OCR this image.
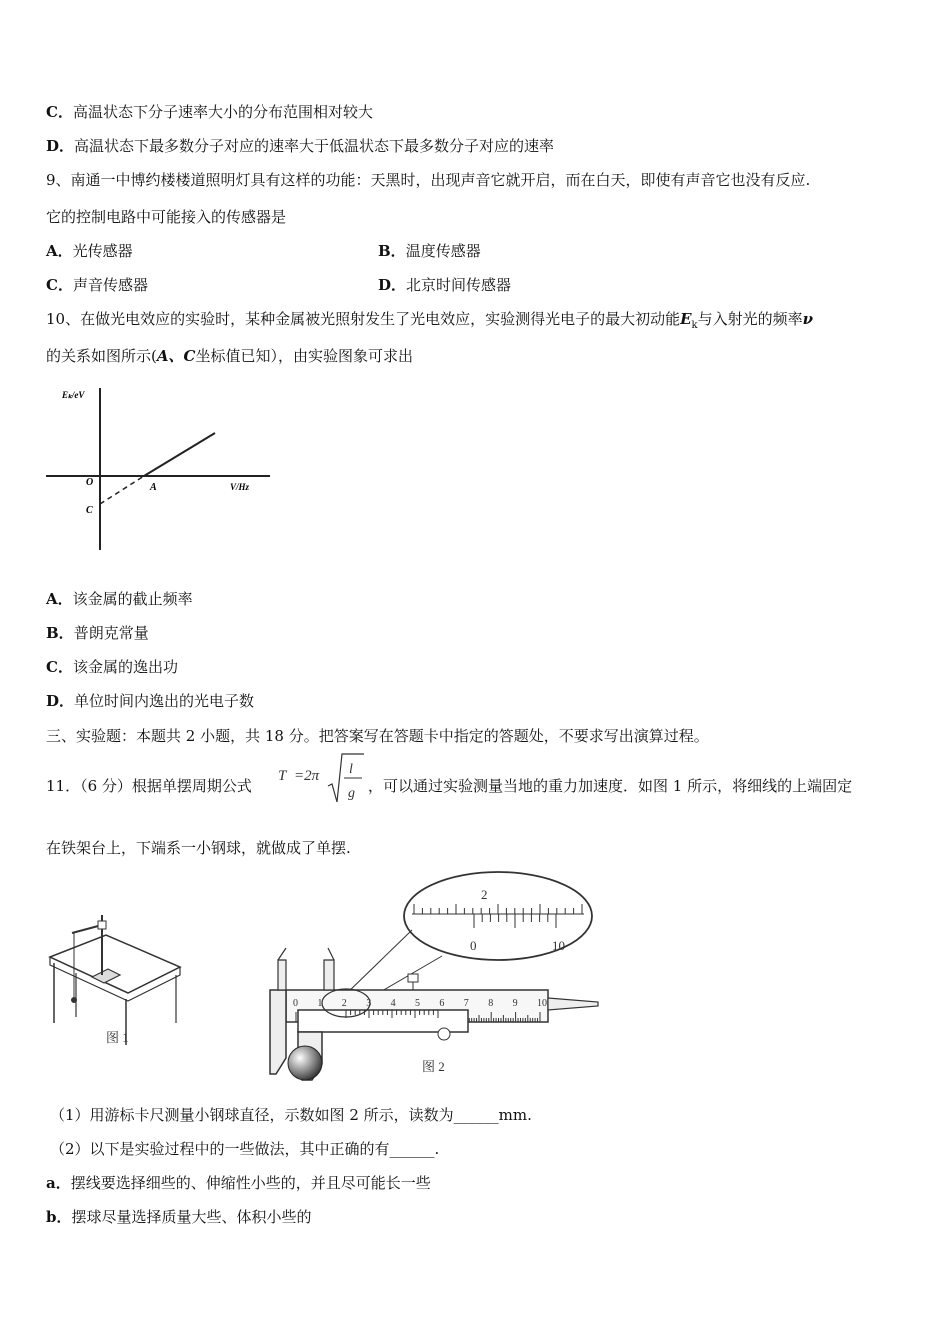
C．高温状态下分子速率大小的分布范围相对较大
D．高温状态下最多数分子对应的速率大于低温状态下最多数分子对应的速率
9、南通一中博约楼楼道照明灯具有这样的功能：天黑时，出现声音它就开启，而在白天，即使有声音它也没有反应.
它的控制电路中可能接入的传感器是
A．光传感器	B．温度传感器
C．声音传感器	D．北京时间传感器
10、在做光电效应的实验时，某种金属被光照射发生了光电效应，实验测得光电子的最大初动能$E_k$与入射光的频率ν
的关系如图所示(A、C坐标值已知），由实验图象可求出
Eₖ/eV
V/Hz
O	A
C
A．该金属的截止频率
B．普朗克常量
C．该金属的逸出功
D．单位时间内逸出的光电子数
三、实验题：本题共 2 小题，共 18 分。把答案写在答题卡中指定的答题处，不要求写出演算过程。
11．（6 分）根据单摆周期公式
T =2π l
g ，可以通过实验测量当地的重力加速度．如图 1 所示，将细线的上端固定
在铁架台上，下端系一小钢球，就做成了单摆.
图 1
2
0	10
0 1 2 3 4 5 6 7 8 9 10
图 2
（1）用游标卡尺测量小钢球直径，示数如图 2 所示，读数为______mm.
（2）以下是实验过程中的一些做法，其中正确的有______.
a．摆线要选择细些的、伸缩性小些的，并且尽可能长一些
b．摆球尽量选择质量大些、体积小些的
